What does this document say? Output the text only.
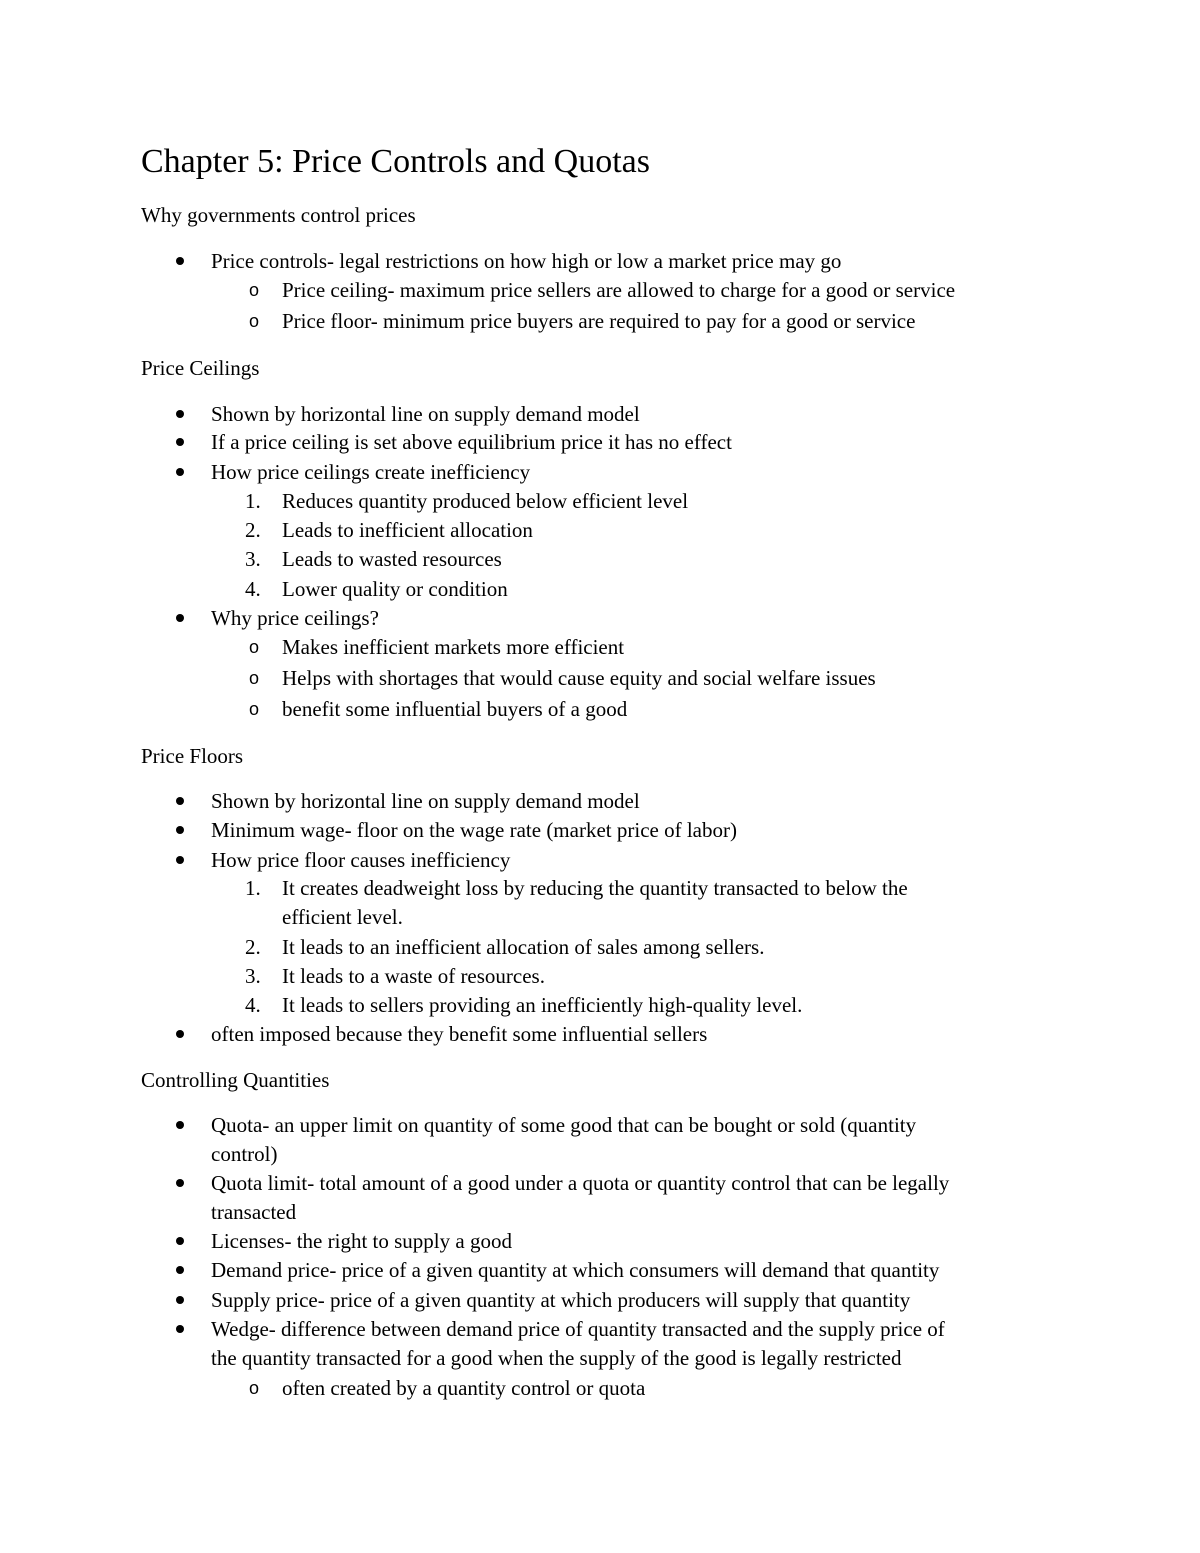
Chapter 5: Price Controls and Quotas
Why governments control prices

Price controls- legal restrictions on how high or low a market price may go

o Price ceiling- maximum price sellers are allowed to charge for a good or service

o Price floor- minimum price buyers are required to pay for a good or service

Price Ceilings

Shown by horizontal line on supply demand model

If a price ceiling is set above equilibrium price it has no effect

How price ceilings create inefficiency

1. Reduces quantity produced below efficient level

2. Leads to inefficient allocation

3. Leads to wasted resources

4. Lower quality or condition

Why price ceilings?

o Makes inefficient markets more efficient

o Helps with shortages that would cause equity and social welfare issues

o benefit some influential buyers of a good

Price Floors

Shown by horizontal line on supply demand model

Minimum wage- floor on the wage rate (market price of labor)

How price floor causes inefficiency

1. It creates deadweight loss by reducing the quantity transacted to below the

efficient level.

2. It leads to an inefficient allocation of sales among sellers.

3. It leads to a waste of resources.

4. It leads to sellers providing an inefficiently high-quality level.

often imposed because they benefit some influential sellers

Controlling Quantities

Quota- an upper limit on quantity of some good that can be bought or sold (quantity

control)

Quota limit- total amount of a good under a quota or quantity control that can be legally

transacted

Licenses- the right to supply a good

Demand price- price of a given quantity at which consumers will demand that quantity

Supply price- price of a given quantity at which producers will supply that quantity

Wedge- difference between demand price of quantity transacted and the supply price of

the quantity transacted for a good when the supply of the good is legally restricted

o often created by a quantity control or quota
